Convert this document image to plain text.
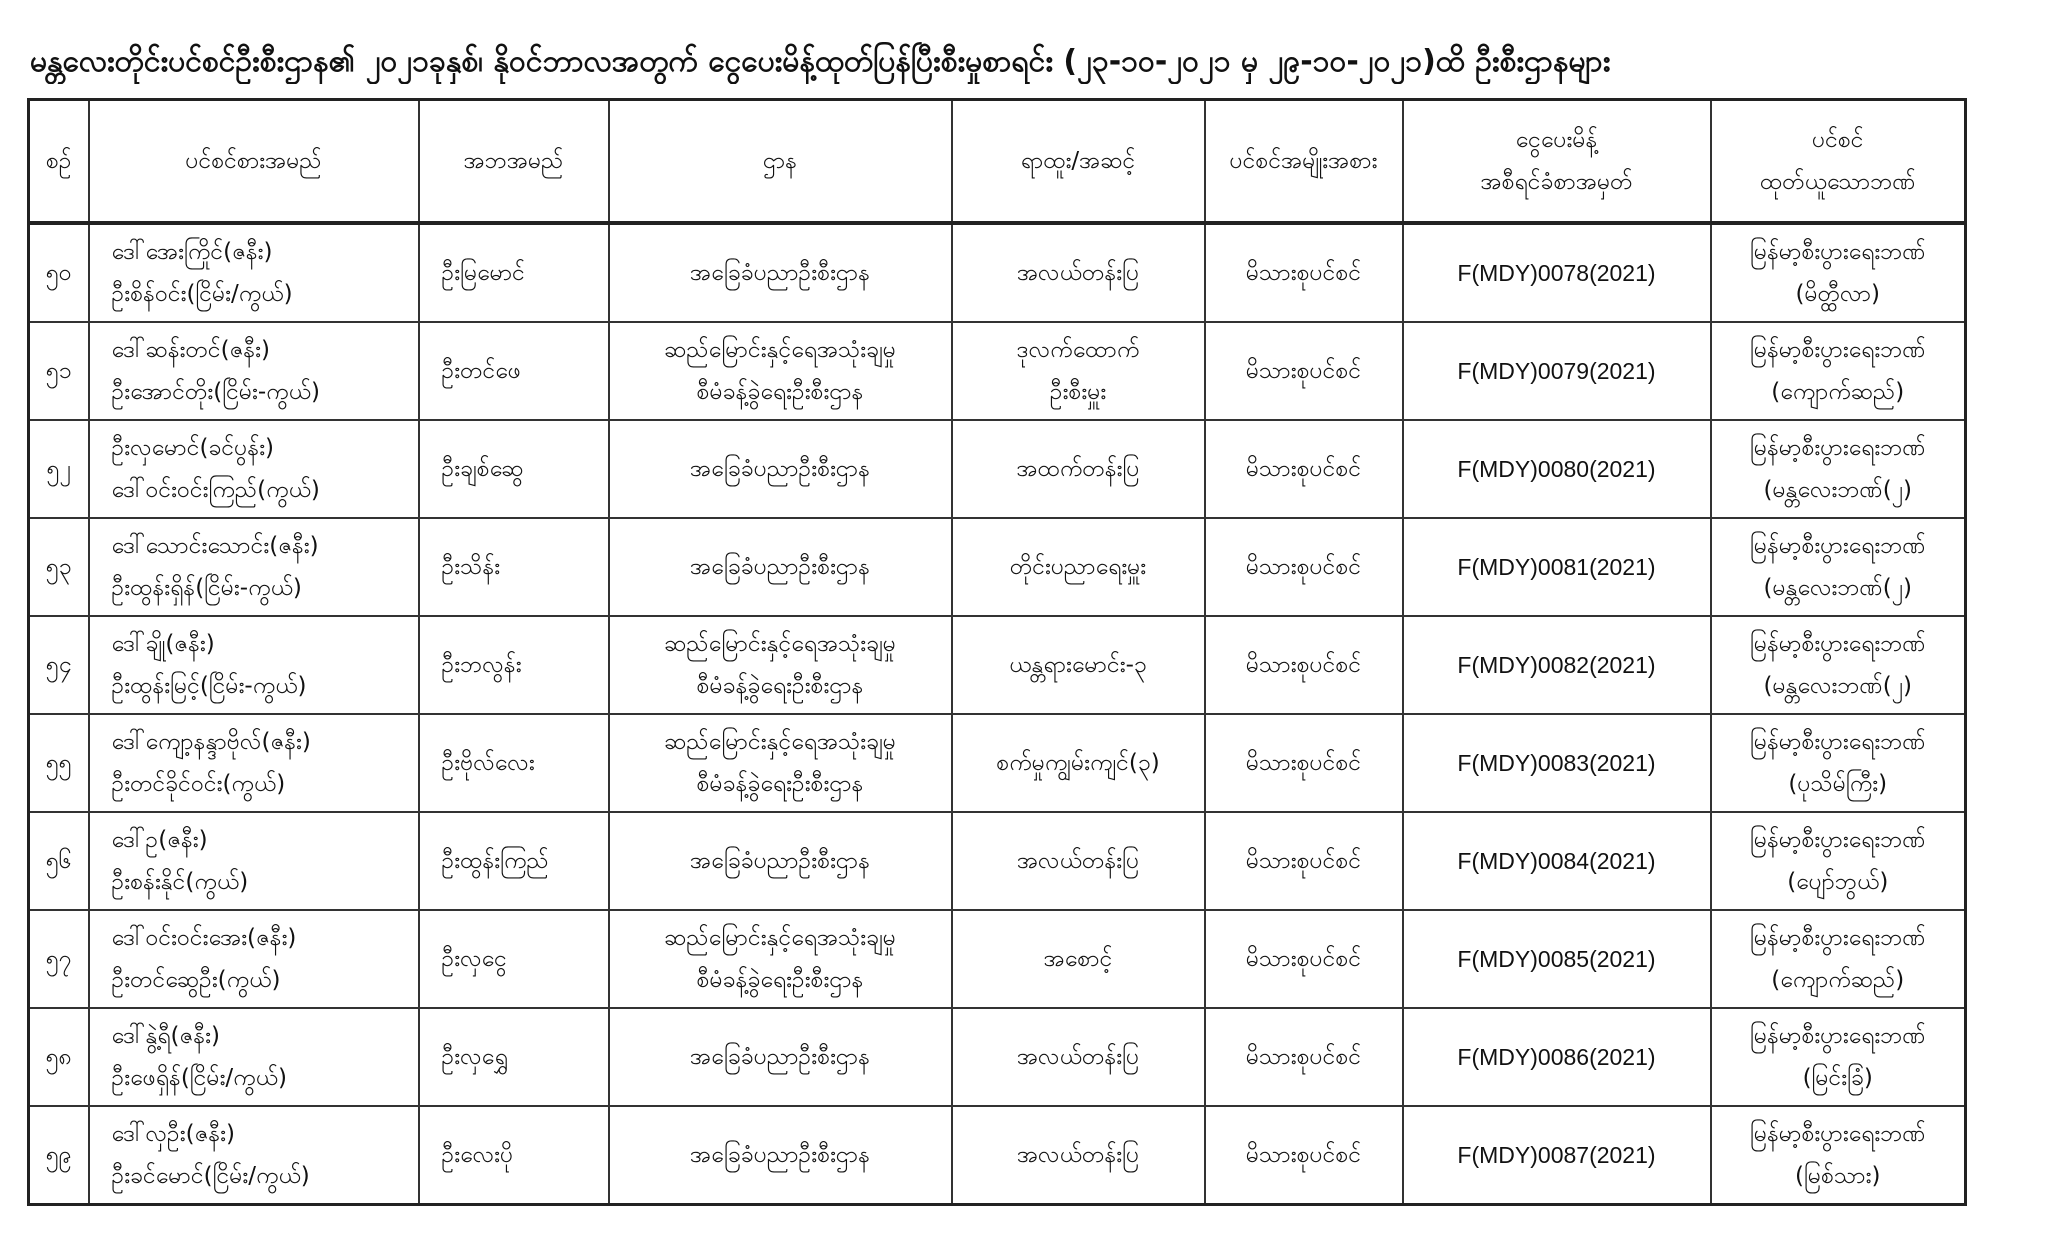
မန္တလေးတိုင်းပင်စင်ဦးစီးဌာန၏ ၂၀၂၁ခုနှစ်၊ နိုဝင်ဘာလအတွက် ငွေပေးမိန့်ထုတ်ပြန်ပြီးစီးမှုစာရင်း (၂၃-၁၀-၂၀၂၁ မှ ၂၉-၁၀-၂၀၂၁)ထိ ဦးစီးဌာနများ
စဉ်	ပင်စင်စားအမည်	အဘအမည်	ဌာန	ရာထူး/အဆင့်	ပင်စင်အမျိုးအစား	ငွေပေးမိန့်
အစီရင်ခံစာအမှတ်	ပင်စင်
ထုတ်ယူသောဘဏ်

၅၀	ဒေါ်အေးကြိုင်(ဇနီး)
ဦးစိန်ဝင်း(ငြိမ်း/ကွယ်)	ဦးမြမောင်	အခြေခံပညာဦးစီးဌာန	အလယ်တန်းပြ	မိသားစုပင်စင်	F(MDY)0078(2021)	မြန်မာ့စီးပွားရေးဘဏ်
(မိတ္ထီလာ)

၅၁	ဒေါ်ဆန်းတင်(ဇနီး)
ဦးအောင်တိုး(ငြိမ်း-ကွယ်)	ဦးတင်ဖေ	ဆည်မြောင်းနှင့်ရေအသုံးချမှု
စီမံခန့်ခွဲရေးဦးစီးဌာန	ဒုလက်ထောက်
ဦးစီးမှူး	မိသားစုပင်စင်	F(MDY)0079(2021)	မြန်မာ့စီးပွားရေးဘဏ်
(ကျောက်ဆည်)

၅၂	ဦးလှမောင်(ခင်ပွန်း)
ဒေါ်ဝင်းဝင်းကြည်(ကွယ်)	ဦးချစ်ဆွေ	အခြေခံပညာဦးစီးဌာန	အထက်တန်းပြ	မိသားစုပင်စင်	F(MDY)0080(2021)	မြန်မာ့စီးပွားရေးဘဏ်
(မန္တလေးဘဏ်(၂)

၅၃	ဒေါ်သောင်းသောင်း(ဇနီး)
ဦးထွန်းရှိန်(ငြိမ်း-ကွယ်)	ဦးသိန်း	အခြေခံပညာဦးစီးဌာန	တိုင်းပညာရေးမှူး	မိသားစုပင်စင်	F(MDY)0081(2021)	မြန်မာ့စီးပွားရေးဘဏ်
(မန္တလေးဘဏ်(၂)

၅၄	ဒေါ်ချို(ဇနီး)
ဦးထွန်းမြင့်(ငြိမ်း-ကွယ်)	ဦးဘလွန်း	ဆည်မြောင်းနှင့်ရေအသုံးချမှု
စီမံခန့်ခွဲရေးဦးစီးဌာန	ယန္တရားမောင်း-၃	မိသားစုပင်စင်	F(MDY)0082(2021)	မြန်မာ့စီးပွားရေးဘဏ်
(မန္တလေးဘဏ်(၂)

၅၅	ဒေါ်ကျော့နန္ဒာဗိုလ်(ဇနီး)
ဦးတင်ခိုင်ဝင်း(ကွယ်)	ဦးဗိုလ်လေး	ဆည်မြောင်းနှင့်ရေအသုံးချမှု
စီမံခန့်ခွဲရေးဦးစီးဌာန	စက်မှုကျွမ်းကျင်(၃)	မိသားစုပင်စင်	F(MDY)0083(2021)	မြန်မာ့စီးပွားရေးဘဏ်
(ပုသိမ်ကြီး)

၅၆	ဒေါ်ဥ(ဇနီး)
ဦးစန်းနိုင်(ကွယ်)	ဦးထွန်းကြည်	အခြေခံပညာဦးစီးဌာန	အလယ်တန်းပြ	မိသားစုပင်စင်	F(MDY)0084(2021)	မြန်မာ့စီးပွားရေးဘဏ်
(ပျော်ဘွယ်)

၅၇	ဒေါ်ဝင်းဝင်းအေး(ဇနီး)
ဦးတင်ဆွေဦး(ကွယ်)	ဦးလှငွေ	ဆည်မြောင်းနှင့်ရေအသုံးချမှု
စီမံခန့်ခွဲရေးဦးစီးဌာန	အစောင့်	မိသားစုပင်စင်	F(MDY)0085(2021)	မြန်မာ့စီးပွားရေးဘဏ်
(ကျောက်ဆည်)

၅၈	ဒေါ်နွဲ့ရီ(ဇနီး)
ဦးဖေရှိန်(ငြိမ်း/ကွယ်)	ဦးလှရွှေ	အခြေခံပညာဦးစီးဌာန	အလယ်တန်းပြ	မိသားစုပင်စင်	F(MDY)0086(2021)	မြန်မာ့စီးပွားရေးဘဏ်
(မြင်းခြံ)

၅၉	ဒေါ်လှဦး(ဇနီး)
ဦးခင်မောင်(ငြိမ်း/ကွယ်)	ဦးလေးပို	အခြေခံပညာဦးစီးဌာန	အလယ်တန်းပြ	မိသားစုပင်စင်	F(MDY)0087(2021)	မြန်မာ့စီးပွားရေးဘဏ်
(မြစ်သား)
